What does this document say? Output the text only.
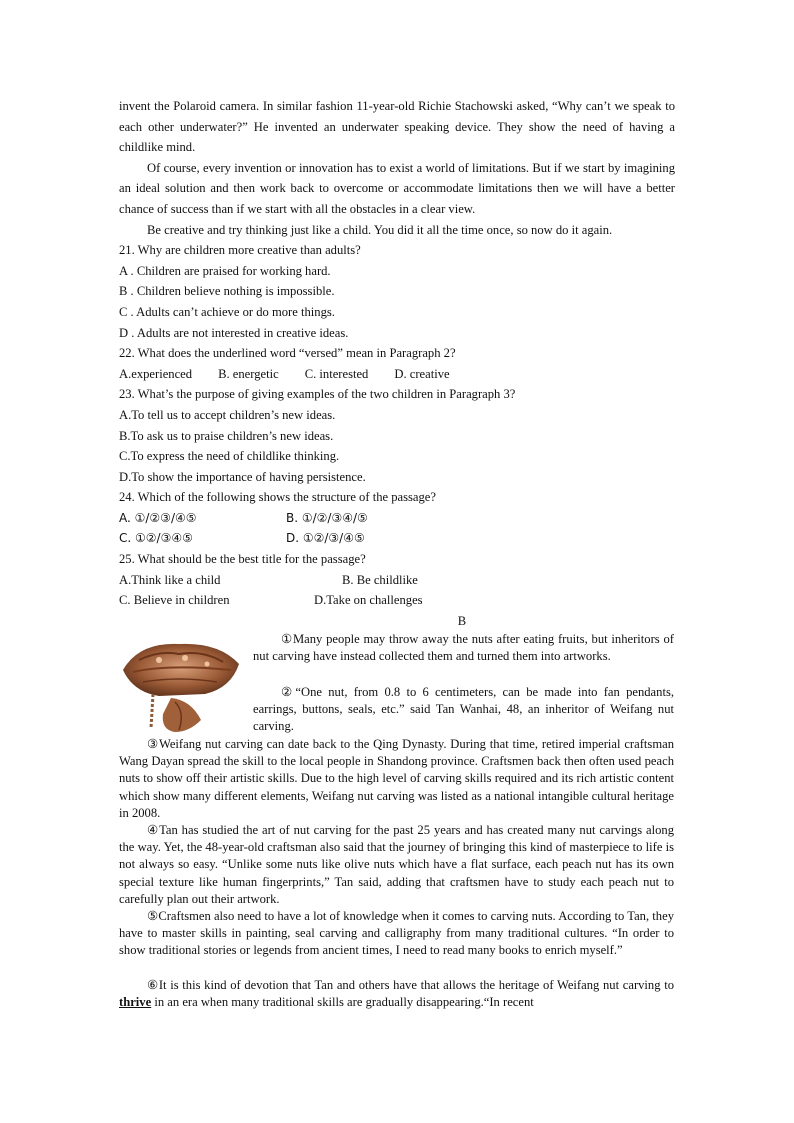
invent the Polaroid camera. In similar fashion 11-year-old Richie Stachowski asked, “Why can’t we speak to each other underwater?” He invented an underwater speaking device. They show the need of having a childlike mind.

Of course, every invention or innovation has to exist a world of limitations. But if we start by imagining an ideal solution and then work back to overcome or accommodate limitations then we will have a better chance of success than if we start with all the obstacles in a clear view.

Be creative and try thinking just like a child. You did it all the time once, so now do it again.

21. Why are children more creative than adults?

A . Children are praised for working hard.

B . Children believe nothing is impossible.

C . Adults can’t achieve or do more things.

D . Adults are not interested in creative ideas.

22. What does the underlined word “versed” mean in Paragraph 2?

A.experienced B. energetic C. interested D. creative

23. What’s the purpose of giving examples of the two children in Paragraph 3?

A.To tell us to accept children’s new ideas.

B.To ask us to praise children’s new ideas.

C.To express the need of childlike thinking.

D.To show the importance of having persistence.

24. Which of the following shows the structure of the passage?

A. ①/②③/④⑤	B. ①/②/③④/⑤
C. ①②/③④⑤	D. ①②/③/④⑤

25. What should be the best title for the passage?

A.Think like a child	B. Be childlike
C. Believe in children	D.Take on challenges

B

①Many people may throw away the nuts after eating fruits, but inheritors of nut carving have instead collected them and turned them into artworks.

②“One nut, from 0.8 to 6 centimeters, can be made into fan pendants, earrings, buttons, seals, etc.” said Tan Wanhai, 48, an inheritor of Weifang nut carving.

③Weifang nut carving can date back to the Qing Dynasty. During that time, retired imperial craftsman Wang Dayan spread the skill to the local people in Shandong province. Craftsmen back then often used peach nuts to show off their artistic skills. Due to the high level of carving skills required and its rich artistic content which show many different elements, Weifang nut carving was listed as a national intangible cultural heritage in 2008.

④Tan has studied the art of nut carving for the past 25 years and has created many nut carvings along the way. Yet, the 48-year-old craftsman also said that the journey of bringing this kind of masterpiece to life is not always so easy. “Unlike some nuts like olive nuts which have a flat surface, each peach nut has its own special texture like human fingerprints,” Tan said, adding that craftsmen have to study each peach nut to carefully plan out their artwork.

⑤Craftsmen also need to have a lot of knowledge when it comes to carving nuts. According to Tan, they have to master skills in painting, seal carving and calligraphy from many traditional cultures. “In order to show traditional stories or legends from ancient times, I need to read many books to enrich myself.”

⑥It is this kind of devotion that Tan and others have that allows the heritage of Weifang nut carving to thrive in an era when many traditional skills are gradually disappearing.“In recent
